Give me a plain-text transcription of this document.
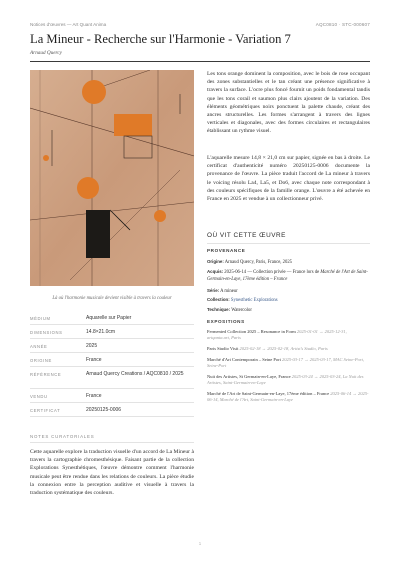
Notices d'œuvres — Art Quant Anima	AQC0810 · STC-000607
La Mineur - Recherche sur l'Harmonie - Variation 7
Arnaud Quercy
Là où l'harmonie musicale devient visible à travers la couleur
MÉDIUM	Aquarelle sur Papier
DIMENSIONS	14.8×21.0cm
ANNÉE	2025
ORIGINE	France
RÉFÉRENCE	Arnaud Quercy Creations / AQC0810 / 2025
VENDU	France
CERTIFICAT	20250125-0006
NOTES CURATORIALES

Cette aquarelle explore la traduction visuelle d'un accord de La Mineur à travers la cartographie chromesthésique. Faisant partie de la collection Explorations Synesthétiques, l'œuvre démontre comment l'harmonie musicale peut être rendue dans les relations de couleurs. La pièce étudie la connexion entre la perception auditive et visuelle à travers la traduction systématique des couleurs.

Les tons orange dominent la composition, avec le bois de rose occupant des zones substantielles et le tan créant une présence significative à travers la surface. L'ocre plus foncé fournit un poids fondamental tandis que les tons corail et saumon plus clairs ajoutent de la variation. Des éléments géométriques noirs ponctuent la palette chaude, créant des ancres structurelles. Les formes s'arrangent à travers des lignes verticales et diagonales, avec des formes circulaires et rectangulaires établissant un rythme visuel.

L'aquarelle mesure 14,8 × 21,0 cm sur papier, signée en bas à droite. Le certificat d'authenticité numéro 20250125-0006 documente la provenance de l'œuvre. La pièce traduit l'accord de La mineur à travers le voicing résolu La4, La5, et Do6, avec chaque note correspondant à des couleurs spécifiques de la famille orange. L'œuvre a été achevée en France en 2025 et vendue à un collectionneur privé.

OÙ VIT CETTE ŒUVRE
PROVENANCE
Origine: Arnaud Quercy, Paris, France, 2025
Acquis: 2025-06-14 — Collection privée — France lors de Marché de l'Art de Saint-Germain-en-Laye, 17ème édition – France
Série: A mineur
Collection: Synesthetic Explorations
Technique: Watercolor
EXPOSITIONS
Fermented Collection 2025 – Resonance in Form 2025-01-01 → 2025-12-31, artqanta.art, Paris
Paris Studio Visit 2025-02-18 → 2025-02-18, Artist's Studio, Paris
Marché d'Art Contemporain – Seine Port 2025-03-17 → 2025-03-17, MAC Seine-Port, Seine-Port
Nuit des Artistes, St Germain-en-Laye, France 2025-03-24 → 2025-03-24, La Nuit des Artistes, Saint-Germain-en-Laye
Marché de l'Art de Saint-Germain-en-Laye, 17ème édition – France 2025-06-14 → 2025-06-14, Marché de l'Art, Saint-Germain-en-Laye
1
